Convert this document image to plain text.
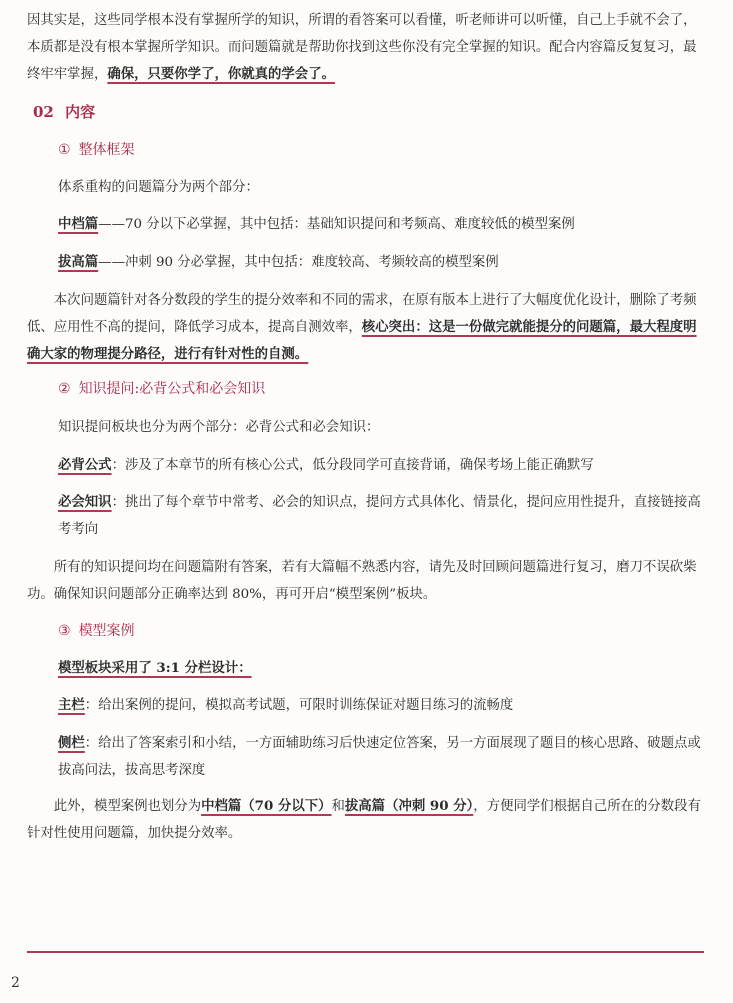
因其实是，这些同学根本没有掌握所学的知识，所谓的看答案可以看懂，听老师讲可以听懂，自己上手就不会了，本质都是没有根本掌握所学知识。而问题篇就是帮助你找到这些你没有完全掌握的知识。配合内容篇反复复习，最终牢牢掌握，确保，只要你学了，你就真的学会了。

02 内容
① 整体框架

体系重构的问题篇分为两个部分：

中档篇——70 分以下必掌握，其中包括：基础知识提问和考频高、难度较低的模型案例

拔高篇——冲刺 90 分必掌握，其中包括：难度较高、考频较高的模型案例

本次问题篇针对各分数段的学生的提分效率和不同的需求，在原有版本上进行了大幅度优化设计，删除了考频低、应用性不高的提问，降低学习成本，提高自测效率，核心突出：这是一份做完就能提分的问题篇，最大程度明确大家的物理提分路径，进行有针对性的自测。

② 知识提问:必背公式和必会知识

知识提问板块也分为两个部分：必背公式和必会知识：

必背公式：涉及了本章节的所有核心公式，低分段同学可直接背诵，确保考场上能正确默写

必会知识：挑出了每个章节中常考、必会的知识点，提问方式具体化、情景化，提问应用性提升，直接链接高考考向

所有的知识提问均在问题篇附有答案，若有大篇幅不熟悉内容，请先及时回顾问题篇进行复习，磨刀不误砍柴功。确保知识问题部分正确率达到 80%，再可开启“模型案例”板块。

③ 模型案例

模型板块采用了 3:1 分栏设计：

主栏：给出案例的提问，模拟高考试题，可限时训练保证对题目练习的流畅度

侧栏：给出了答案索引和小结，一方面辅助练习后快速定位答案，另一方面展现了题目的核心思路、破题点或拔高问法，拔高思考深度

此外，模型案例也划分为中档篇（70 分以下）和拔高篇（冲刺 90 分），方便同学们根据自己所在的分数段有针对性使用问题篇，加快提分效率。

2
